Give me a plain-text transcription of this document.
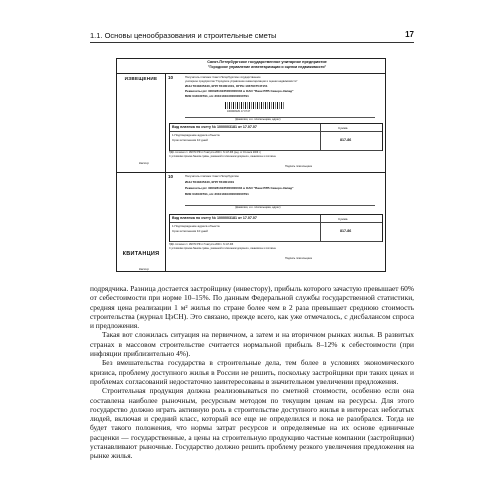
1.1. Основы ценообразования и строительные сметы	17
Санкт-Петербургское государственное унитарное предприятие
"Городское управление инвентаризации и оценки недвижимости"
ИЗВЕЩЕНИЕ
Кассир
КВИТАНЦИЯ
Кассир
10	Получатель платежа: Санкт-Петербургское государственное
унитарное предприятие "Городское управление инвентаризации и оценки недвижимости"
ИНН 7840335340, КПП 784001001, ОГРН 1067847547151
Реквизиты р/с 40602810235000000004 в ОАО "Банк ВТБ Северо-Запад"
БИК 044030791, к/с 30101810300000000791
1000003181 17.07.07
(фамилия, и.о. плательщика, адрес)
Вид платежа по счету № 1000003181 от 17.07.07	Сумма
1.Подтверждение адреса объекта
Срок исполнения 10 дней	817-86
НДС согласно ст. 168 НК РФ от 5 августа 2000 г. N 117-ФЗ (ред. от 19 июля 2009 г.)
С условиями приема банком суммы, указанной в платежном документе, ознакомлен и согласен
Подпись плательщика
10	Получатель платежа: Санкт-Петербургское
ИНН 7840335340, КПП 784001001
Реквизиты р/с 40602810235000000004 в ОАО "Банк ВТБ Северо-Запад"
БИК 044030791, к/с 30101810300000000791
(фамилия, и.о. плательщика, адрес)
Вид платежа по счету № 1000003181 от 17.07.07	Сумма
1.Подтверждение адреса объекта
Срок исполнения 10 дней	817-86
НДС согласно ст. 168 НК РФ от 5 августа 2000 г. N 117-ФЗ
С условиями приема банком суммы, указанной в платежном документе, ознакомлен и согласен
Подпись плательщика

подрядчика. Разница достается застройщику (инвестору), прибыль которого зачастую превышает 60% от себестоимости при норме 10–15%. По данным Федеральной службы государственной статистики, средняя цена реализации 1 м² жилья по стране более чем в 2 раза превышает среднюю стоимость строительства (журнал ЦэСН). Это связано, прежде всего, как уже отмечалось, с дисбалансом спроса и предложения.

Такая вот сложилась ситуация на первичном, а затем и на вторичном рынках жилья. В развитых странах в массовом строительстве считается нормальной прибыль 8–12% к себестоимости (при инфляции приблизительно 4%).

Без вмешательства государства в строительные дела, тем более в условиях экономического кризиса, проблему доступного жилья в России не решить, поскольку застройщики при таких ценах и проблемах согласований недостаточно заинтересованы в значительном увеличении предложения.

Строительная продукция должна реализовываться по сметной стоимости, особенно если она составлена наиболее рыночным, ресурсным методом по текущим ценам на ресурсы. Для этого государство должно играть активную роль в строительстве доступного жилья в интересах небогатых людей, включая и средний класс, который все еще не определился и пока не разобрался. Тогда не будет такого положения, что нормы затрат ресурсов и определяемые на их основе единичные расценки — государственные, а цены на строительную продукцию частные компании (застройщики) устанавливают рыночные. Государство должно решить проблему резкого увеличения предложения на рынке жилья.
